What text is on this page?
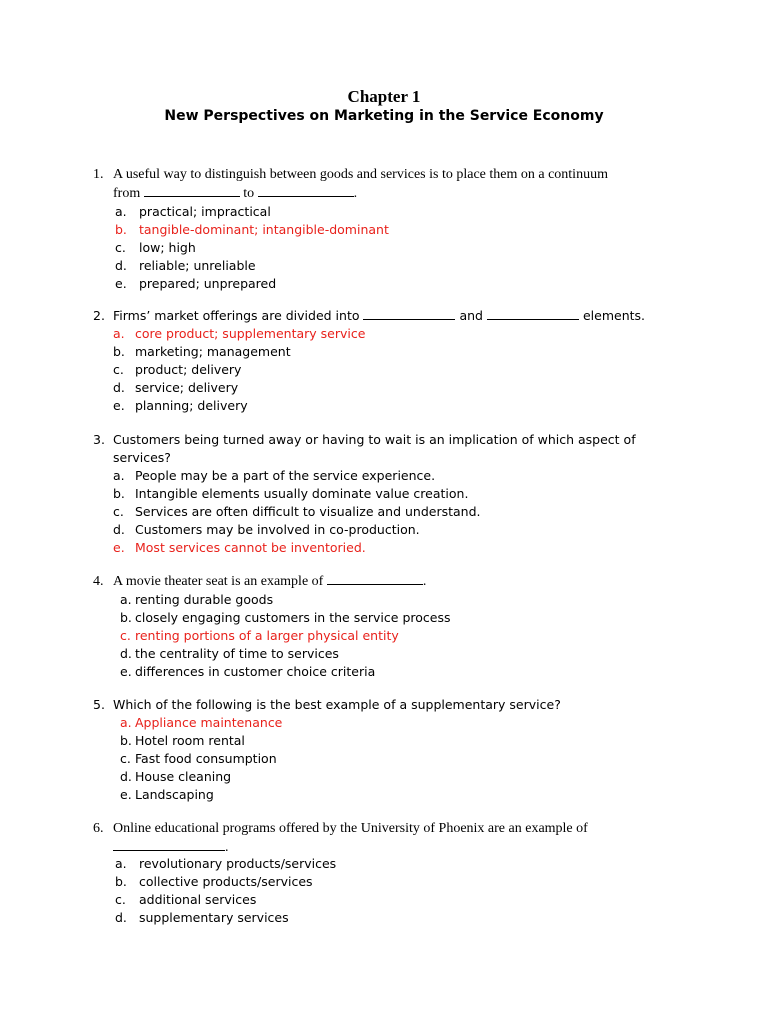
Chapter 1
New Perspectives on Marketing in the Service Economy
1. A useful way to distinguish between goods and services is to place them on a continuum
from	to	.
a. practical; impractical
b. tangible-dominant; intangible-dominant
c. low; high
d. reliable; unreliable
e. prepared; unprepared
2. Firms’ market offerings are divided into	and	elements.
a. core product; supplementary service
b. marketing; management
c. product; delivery
d. service; delivery
e. planning; delivery
3. Customers being turned away or having to wait is an implication of which aspect of
services?
a. People may be a part of the service experience.
b. Intangible elements usually dominate value creation.
c. Services are often difficult to visualize and understand.
d. Customers may be involved in co-production.
e. Most services cannot be inventoried.
4. A movie theater seat is an example of	.
a. renting durable goods
b. closely engaging customers in the service process
c. renting portions of a larger physical entity
d. the centrality of time to services
e. differences in customer choice criteria
5. Which of the following is the best example of a supplementary service?
a. Appliance maintenance
b. Hotel room rental
c. Fast food consumption
d. House cleaning
e. Landscaping
6. Online educational programs offered by the University of Phoenix are an example of
.
a. revolutionary products/services
b. collective products/services
c. additional services
d. supplementary services
